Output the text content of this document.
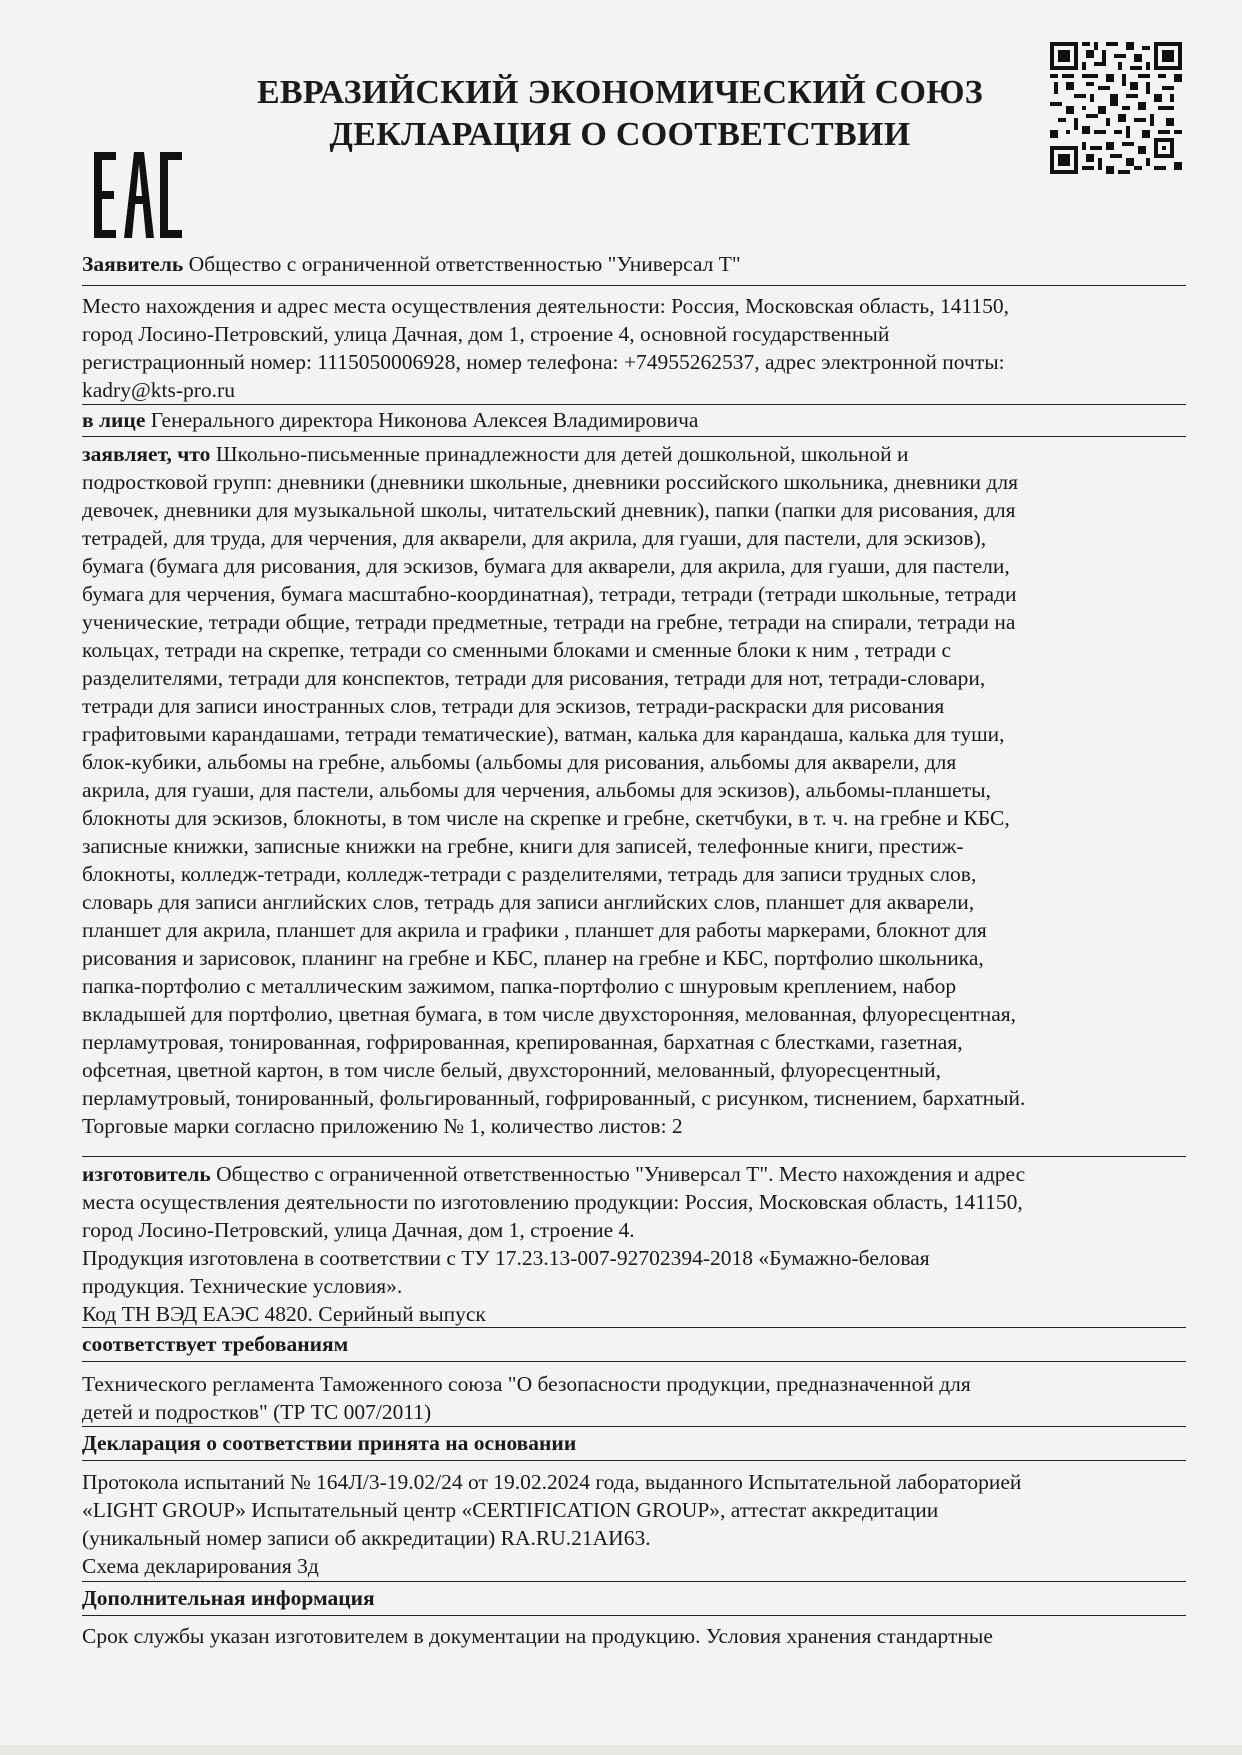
ЕВРАЗИЙСКИЙ ЭКОНОМИЧЕСКИЙ СОЮЗ
ДЕКЛАРАЦИЯ О СООТВЕТСТВИИ
Заявитель Общество с ограниченной ответственностью "Универсал Т"
Место нахождения и адрес места осуществления деятельности: Россия, Московская область, 141150,
город Лосино-Петровский, улица Дачная, дом 1, строение 4, основной государственный
регистрационный номер: 1115050006928, номер телефона: +74955262537, адрес электронной почты:
kadry@kts-pro.ru
в лице Генерального директора Никонова Алексея Владимировича
заявляет, что Школьно-письменные принадлежности для детей дошкольной, школьной и
подростковой групп: дневники (дневники школьные, дневники российского школьника, дневники для
девочек, дневники для музыкальной школы, читательский дневник), папки (папки для рисования, для
тетрадей, для труда, для черчения, для акварели, для акрила, для гуаши, для пастели, для эскизов),
бумага (бумага для рисования, для эскизов, бумага для акварели, для акрила, для гуаши, для пастели,
бумага для черчения, бумага масштабно-координатная), тетради, тетради (тетради школьные, тетради
ученические, тетради общие, тетради предметные, тетради на гребне, тетради на спирали, тетради на
кольцах, тетради на скрепке, тетради со сменными блоками и сменные блоки к ним , тетради с
разделителями, тетради для конспектов, тетради для рисования, тетради для нот, тетради-словари,
тетради для записи иностранных слов, тетради для эскизов, тетради-раскраски для рисования
графитовыми карандашами, тетради тематические), ватман, калька для карандаша, калька для туши,
блок-кубики, альбомы на гребне, альбомы (альбомы для рисования, альбомы для акварели, для
акрила, для гуаши, для пастели, альбомы для черчения, альбомы для эскизов), альбомы-планшеты,
блокноты для эскизов, блокноты, в том числе на скрепке и гребне, скетчбуки, в т. ч. на гребне и КБС,
записные книжки, записные книжки на гребне, книги для записей, телефонные книги, престиж-
блокноты, колледж-тетради, колледж-тетради с разделителями, тетрадь для записи трудных слов,
словарь для записи английских слов, тетрадь для записи английских слов, планшет для акварели,
планшет для акрила, планшет для акрила и графики , планшет для работы маркерами, блокнот для
рисования и зарисовок, планинг на гребне и КБС, планер на гребне и КБС, портфолио школьника,
папка-портфолио с металлическим зажимом, папка-портфолио с шнуровым креплением, набор
вкладышей для портфолио, цветная бумага, в том числе двухсторонняя, мелованная, флуоресцентная,
перламутровая, тонированная, гофрированная, крепированная, бархатная с блестками, газетная,
офсетная, цветной картон, в том числе белый, двухсторонний, мелованный, флуоресцентный,
перламутровый, тонированный, фольгированный, гофрированный, с рисунком, тиснением, бархатный.
Торговые марки согласно приложению № 1, количество листов: 2
изготовитель Общество с ограниченной ответственностью "Универсал Т". Место нахождения и адрес
места осуществления деятельности по изготовлению продукции: Россия, Московская область, 141150,
город Лосино-Петровский, улица Дачная, дом 1, строение 4.
Продукция изготовлена в соответствии с ТУ 17.23.13-007-92702394-2018 «Бумажно-беловая
продукция. Технические условия».
Код ТН ВЭД ЕАЭС 4820. Серийный выпуск
соответствует требованиям
Технического регламента Таможенного союза "О безопасности продукции, предназначенной для
детей и подростков" (ТР ТС 007/2011)
Декларация о соответствии принята на основании
Протокола испытаний № 164Л/3-19.02/24 от 19.02.2024 года, выданного Испытательной лабораторией
«LIGHT GROUP» Испытательный центр «CERTIFICATION GROUP», аттестат аккредитации
(уникальный номер записи об аккредитации) RA.RU.21АИ63.
Схема декларирования 3д
Дополнительная информация
Срок службы указан изготовителем в документации на продукцию. Условия хранения стандартные
